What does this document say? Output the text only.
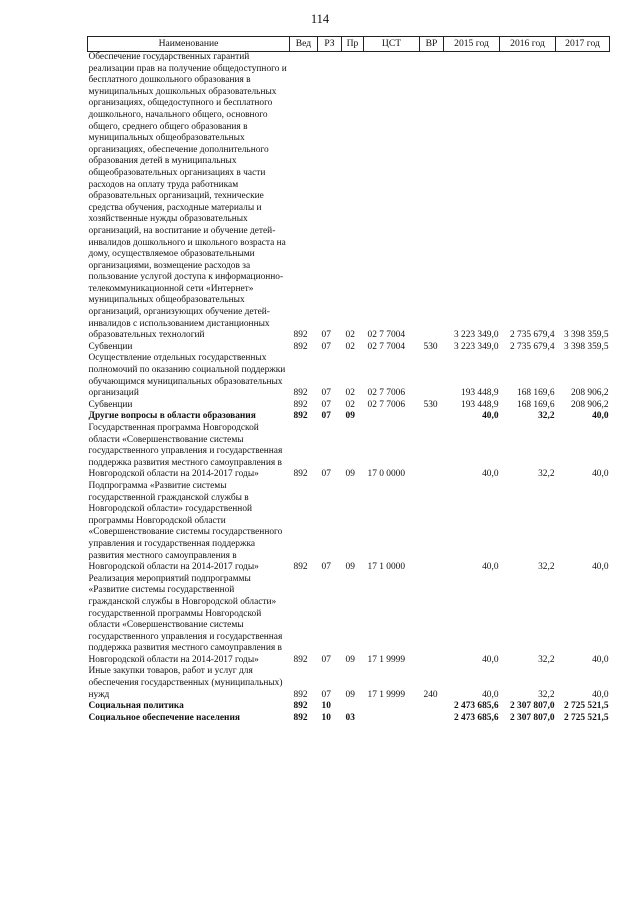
114
Наименование	Вед	РЗ	Пр	ЦСТ	ВР	2015 год	2016 год	2017 год
Обеспечение государственных гарантий реализации прав на получение общедоступного и бесплатного дошкольного образования в муниципальных дошкольных образовательных организациях, общедоступного и бесплатного дошкольного, начального общего, основного общего, среднего общего образования в муниципальных общеобразовательных организациях, обеспечение дополнительного образования детей в муниципальных общеобразовательных организациях в части расходов на оплату труда работникам образовательных организаций, технические средства обучения, расходные материалы и хозяйственные нужды образовательных организаций, на воспитание и обучение детей-инвалидов дошкольного и школьного возраста на дому, осуществляемое образовательными организациями, возмещение расходов за пользование услугой доступа к информационно-телекоммуникационной сети «Интернет» муниципальных общеобразовательных организаций, организующих обучение детей-инвалидов с использованием дистанционных образовательных технологий	892	07	02	02 7 7004		3 223 349,0	2 735 679,4	3 398 359,5
Субвенции	892	07	02	02 7 7004	530	3 223 349,0	2 735 679,4	3 398 359,5
Осуществление отдельных государственных полномочий по оказанию социальной поддержки обучающимся муниципальных образовательных организаций	892	07	02	02 7 7006		193 448,9	168 169,6	208 906,2
Субвенции	892	07	02	02 7 7006	530	193 448,9	168 169,6	208 906,2
Другие вопросы в области образования	892	07	09			40,0	32,2	40,0
Государственная программа Новгородской области «Совершенствование системы государственного управления и государственная поддержка развития местного самоуправления в Новгородской области на 2014-2017 годы»	892	07	09	17 0 0000		40,0	32,2	40,0
Подпрограмма «Развитие системы государственной гражданской службы в Новгородской области» государственной программы Новгородской области «Совершенствование системы государственного управления и государственная поддержка развития местного самоуправления в Новгородской области на 2014-2017 годы»	892	07	09	17 1 0000		40,0	32,2	40,0
Реализация мероприятий подпрограммы «Развитие системы государственной гражданской службы в Новгородской области» государственной программы Новгородской области «Совершенствование системы государственного управления и государственная поддержка развития местного самоуправления в Новгородской области на 2014-2017 годы»	892	07	09	17 1 9999		40,0	32,2	40,0
Иные закупки товаров, работ и услуг для обеспечения государственных (муниципальных) нужд	892	07	09	17 1 9999	240	40,0	32,2	40,0
Социальная политика	892	10				2 473 685,6	2 307 807,0	2 725 521,5
Социальное обеспечение населения	892	10	03			2 473 685,6	2 307 807,0	2 725 521,5
